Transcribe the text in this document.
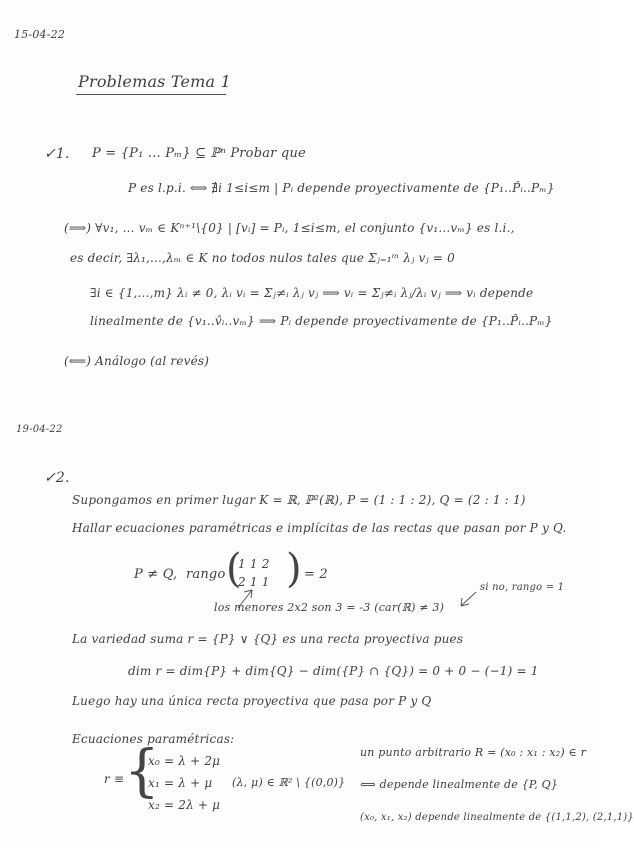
15-04-22
Problemas Tema 1
✓1. P = {P₁ ... Pₘ} ⊆ ℙⁿ Probar que
P es l.p.i. ⟺ ∄i 1≤i≤m | Pᵢ depende proyectivamente de {P₁..P̂ᵢ..Pₘ}
(⟹) ∀v₁, ... vₘ ∈ Kⁿ⁺¹\{0} | [vᵢ] = Pᵢ, 1≤i≤m, el conjunto {v₁...vₘ} es l.i.,
es decir, ∃λ₁,...,λₘ ∈ K no todos nulos tales que Σⱼ₌₁ᵐ λⱼ vⱼ = 0
∃i ∈ {1,...,m} λᵢ ≠ 0, λᵢ vᵢ = Σⱼ≠ᵢ λⱼ vⱼ ⟹ vᵢ = Σⱼ≠ᵢ λⱼ/λᵢ vⱼ ⟹ vᵢ depende
linealmente de {v₁..v̂ᵢ..vₘ} ⟹ Pᵢ depende proyectivamente de {P₁..P̂ᵢ..Pₘ}
(⟸) Análogo (al revés)
19-04-22
✓2.
Supongamos en primer lugar K = ℝ, ℙ²(ℝ), P = (1 : 1 : 2), Q = (2 : 1 : 1)
Hallar ecuaciones paramétricas e implícitas de las rectas que pasan por P y Q.
P ≠ Q, rango (
1 1 2
2 1 1 ) = 2
si no, rango = 1
los menores 2x2 son 3 = -3 (car(ℝ) ≠ 3)
La variedad suma r = {P} ∨ {Q} es una recta proyectiva pues
dim r = dim{P} + dim{Q} − dim({P} ∩ {Q}) = 0 + 0 − (−1) = 1
Luego hay una única recta proyectiva que pasa por P y Q
Ecuaciones paramétricas:
r ≡ {
x₀ = λ + 2μ
x₁ = λ + μ
x₂ = 2λ + μ
(λ, μ) ∈ ℝ² \ {(0,0)}
un punto arbitrario R = (x₀ : x₁ : x₂) ∈ r
⟺ depende linealmente de {P, Q}
(x₀, x₁, x₂) depende linealmente de {(1,1,2), (2,1,1)}
